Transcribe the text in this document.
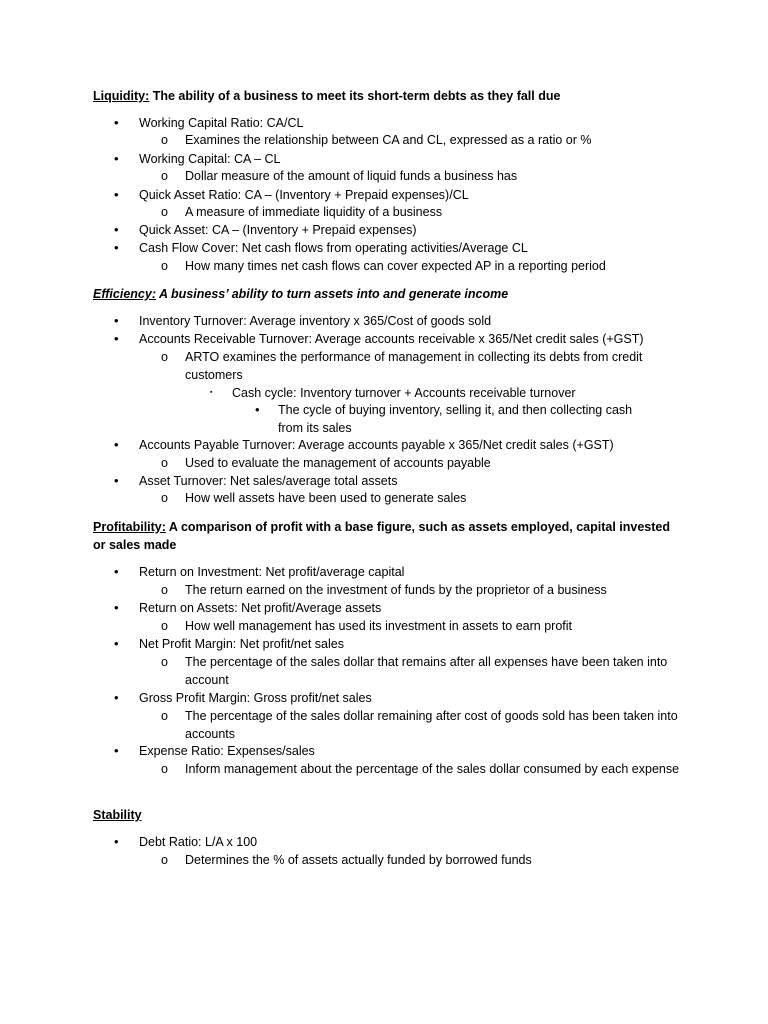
Liquidity: The ability of a business to meet its short-term debts as they fall due
• Working Capital Ratio: CA/CL
o Examines the relationship between CA and CL, expressed as a ratio or %
• Working Capital: CA – CL
o Dollar measure of the amount of liquid funds a business has
• Quick Asset Ratio: CA – (Inventory + Prepaid expenses)/CL
o A measure of immediate liquidity of a business
• Quick Asset: CA – (Inventory + Prepaid expenses)
• Cash Flow Cover: Net cash flows from operating activities/Average CL
o How many times net cash flows can cover expected AP in a reporting period
Efficiency: A business’ ability to turn assets into and generate income
• Inventory Turnover: Average inventory x 365/Cost of goods sold
• Accounts Receivable Turnover: Average accounts receivable x 365/Net credit sales (+GST)
o ARTO examines the performance of management in collecting its debts from credit customers
▪ Cash cycle: Inventory turnover + Accounts receivable turnover
• The cycle of buying inventory, selling it, and then collecting cash from its sales
• Accounts Payable Turnover: Average accounts payable x 365/Net credit sales (+GST)
o Used to evaluate the management of accounts payable
• Asset Turnover: Net sales/average total assets
o How well assets have been used to generate sales
Profitability: A comparison of profit with a base figure, such as assets employed, capital invested or sales made
• Return on Investment: Net profit/average capital
o The return earned on the investment of funds by the proprietor of a business
• Return on Assets: Net profit/Average assets
o How well management has used its investment in assets to earn profit
• Net Profit Margin: Net profit/net sales
o The percentage of the sales dollar that remains after all expenses have been taken into account
• Gross Profit Margin: Gross profit/net sales
o The percentage of the sales dollar remaining after cost of goods sold has been taken into accounts
• Expense Ratio: Expenses/sales
o Inform management about the percentage of the sales dollar consumed by each expense
Stability
• Debt Ratio: L/A x 100
o Determines the % of assets actually funded by borrowed funds
